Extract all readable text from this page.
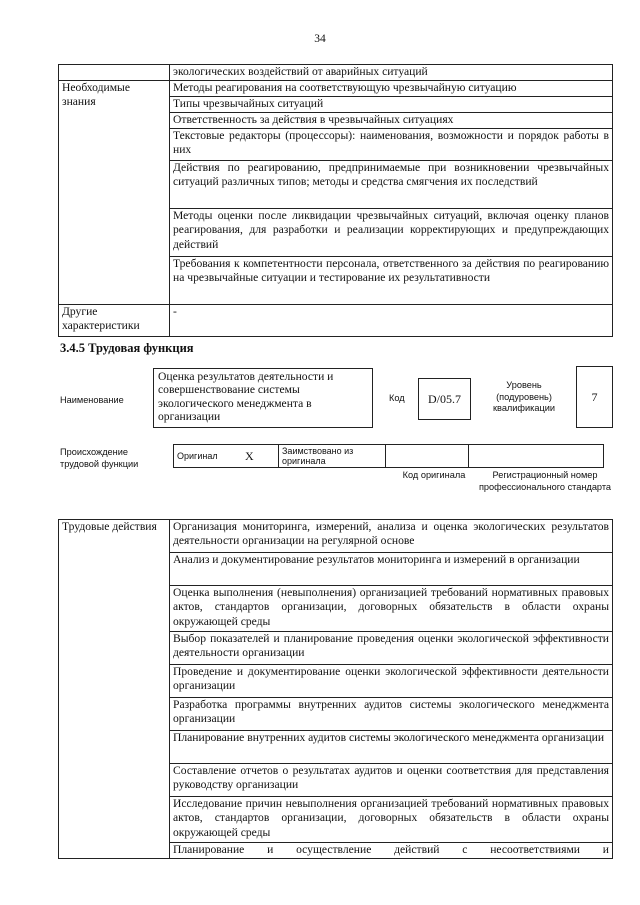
34
	экологических воздействий от аварийных ситуаций
Необходимые знания	Методы реагирования на соответствующую чрезвычайную ситуацию
	Типы чрезвычайных ситуаций
	Ответственность за действия в чрезвычайных ситуациях
	Текстовые редакторы (процессоры): наименования, возможности и порядок работы в них
	Действия по реагированию, предпринимаемые при возникновении чрезвычайных ситуаций различных типов; методы и средства смягчения их последствий
	Методы оценки после ликвидации чрезвычайных ситуаций, включая оценку планов реагирования, для разработки и реализации корректирующих и предупреждающих действий
	Требования к компетентности персонала, ответственного за действия по реагированию на чрезвычайные ситуации и тестирование их результативности
Другие характеристики	-
3.4.5 Трудовая функция
Наименование
Оценка результатов деятельности и совершенствование системы экологического менеджмента в организации
Код	D/05.7
Уровень (подуровень) квалификации
7
Происхождение трудовой функции
Оригинал	X	Заимствовано из оригинала		
Код оригинала	Регистрационный номер профессионального стандарта
Трудовые действия	Организация мониторинга, измерений, анализа и оценка экологических результатов деятельности организации на регулярной основе
Анализ и документирование результатов мониторинга и измерений в организации
Оценка выполнения (невыполнения) организацией требований нормативных правовых актов, стандартов организации, договорных обязательств в области охраны окружающей среды
Выбор показателей и планирование проведения оценки экологической эффективности деятельности организации
Проведение и документирование оценки экологической эффективности деятельности организации
Разработка программы внутренних аудитов системы экологического менеджмента организации
Планирование внутренних аудитов системы экологического менеджмента организации
Составление отчетов о результатах аудитов и оценки соответствия для представления руководству организации
Исследование причин невыполнения организацией требований нормативных правовых актов, стандартов организации, договорных обязательств в области охраны окружающей среды
Планирование и осуществление действий с несоответствиями и
